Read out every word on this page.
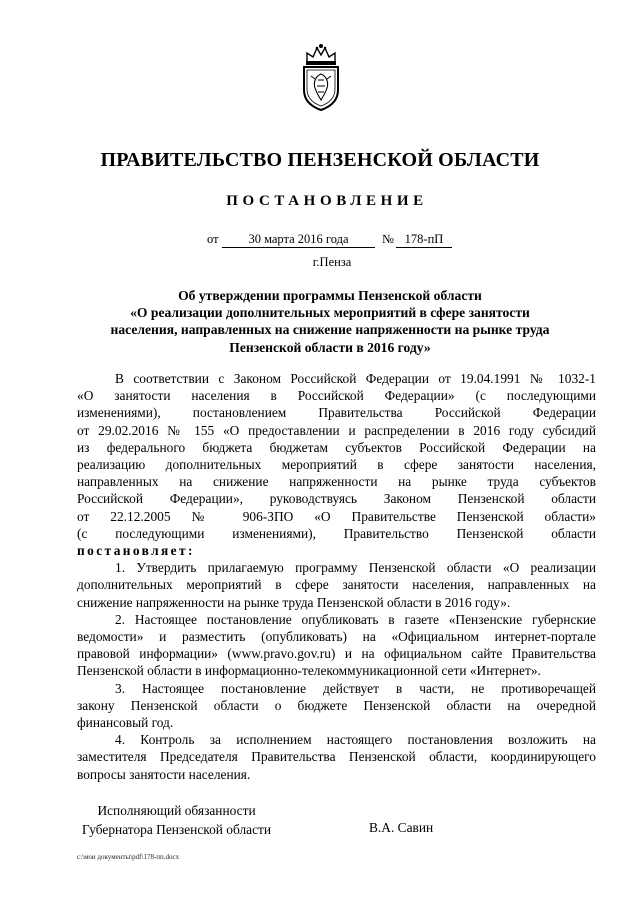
ПРАВИТЕЛЬСТВО ПЕНЗЕНСКОЙ ОБЛАСТИ
ПОСТАНОВЛЕНИЕ
от	30 марта 2016 года	№ 178-пП
г.Пенза
Об утверждении программы Пензенской области
«О реализации дополнительных мероприятий в сфере занятости
населения, направленных на снижение напряженности на рынке труда
Пензенской области в 2016 году»
В соответствии с Законом Российской Федерации от 19.04.1991 № 1032-1
«О занятости населения в Российской Федерации» (с последующими
изменениями), постановлением Правительства Российской Федерации
от 29.02.2016 № 155 «О предоставлении и распределении в 2016 году субсидий
из федерального бюджета бюджетам субъектов Российской Федерации на
реализацию дополнительных мероприятий в сфере занятости населения,
направленных на снижение напряженности на рынке труда субъектов
Российской Федерации», руководствуясь Законом Пензенской области
от 22.12.2005 № 906-ЗПО «О Правительстве Пензенской области»
(с последующими изменениями), Правительство Пензенской области
постановляет:
1. Утвердить прилагаемую программу Пензенской области «О реализации
дополнительных мероприятий в сфере занятости населения, направленных на
снижение напряженности на рынке труда Пензенской области в 2016 году».
2. Настоящее постановление опубликовать в газете «Пензенские губернские
ведомости» и разместить (опубликовать) на «Официальном интернет-портале
правовой информации» (www.pravo.gov.ru) и на официальном сайте Правительства
Пензенской области в информационно-телекоммуникационной сети «Интернет».
3. Настоящее постановление действует в части, не противоречащей
закону Пензенской области о бюджете Пензенской области на очередной
финансовый год.
4. Контроль за исполнением настоящего постановления возложить на
заместителя Председателя Правительства Пензенской области, координирующего
вопросы занятости населения.
Исполняющий обязанности
Губернатора Пензенской области	В.А. Савин
c:\мои документы\pdf\178-пп.docx
